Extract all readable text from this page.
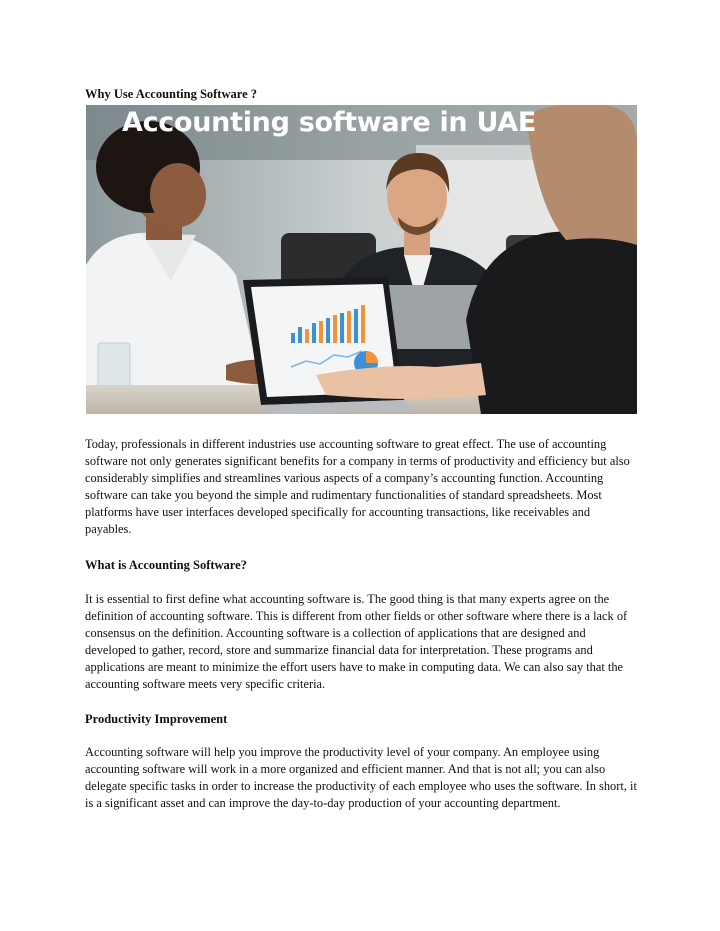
Why Use Accounting Software ?
Accounting software in UAE
Today, professionals in different industries use accounting software to great effect. The use of accounting software not only generates significant benefits for a company in terms of productivity and efficiency but also considerably simplifies and streamlines various aspects of a company’s accounting function. Accounting software can take you beyond the simple and rudimentary functionalities of standard spreadsheets. Most platforms have user interfaces developed specifically for accounting transactions, like receivables and payables.
What is Accounting Software?
It is essential to first define what accounting software is. The good thing is that many experts agree on the definition of accounting software. This is different from other fields or other software where there is a lack of consensus on the definition. Accounting software is a collection of applications that are designed and developed to gather, record, store and summarize financial data for interpretation. These programs and applications are meant to minimize the effort users have to make in computing data. We can also say that the accounting software meets very specific criteria.
Productivity Improvement
Accounting software will help you improve the productivity level of your company. An employee using accounting software will work in a more organized and efficient manner. And that is not all; you can also delegate specific tasks in order to increase the productivity of each employee who uses the software. In short, it is a significant asset and can improve the day-to-day production of your accounting department.
